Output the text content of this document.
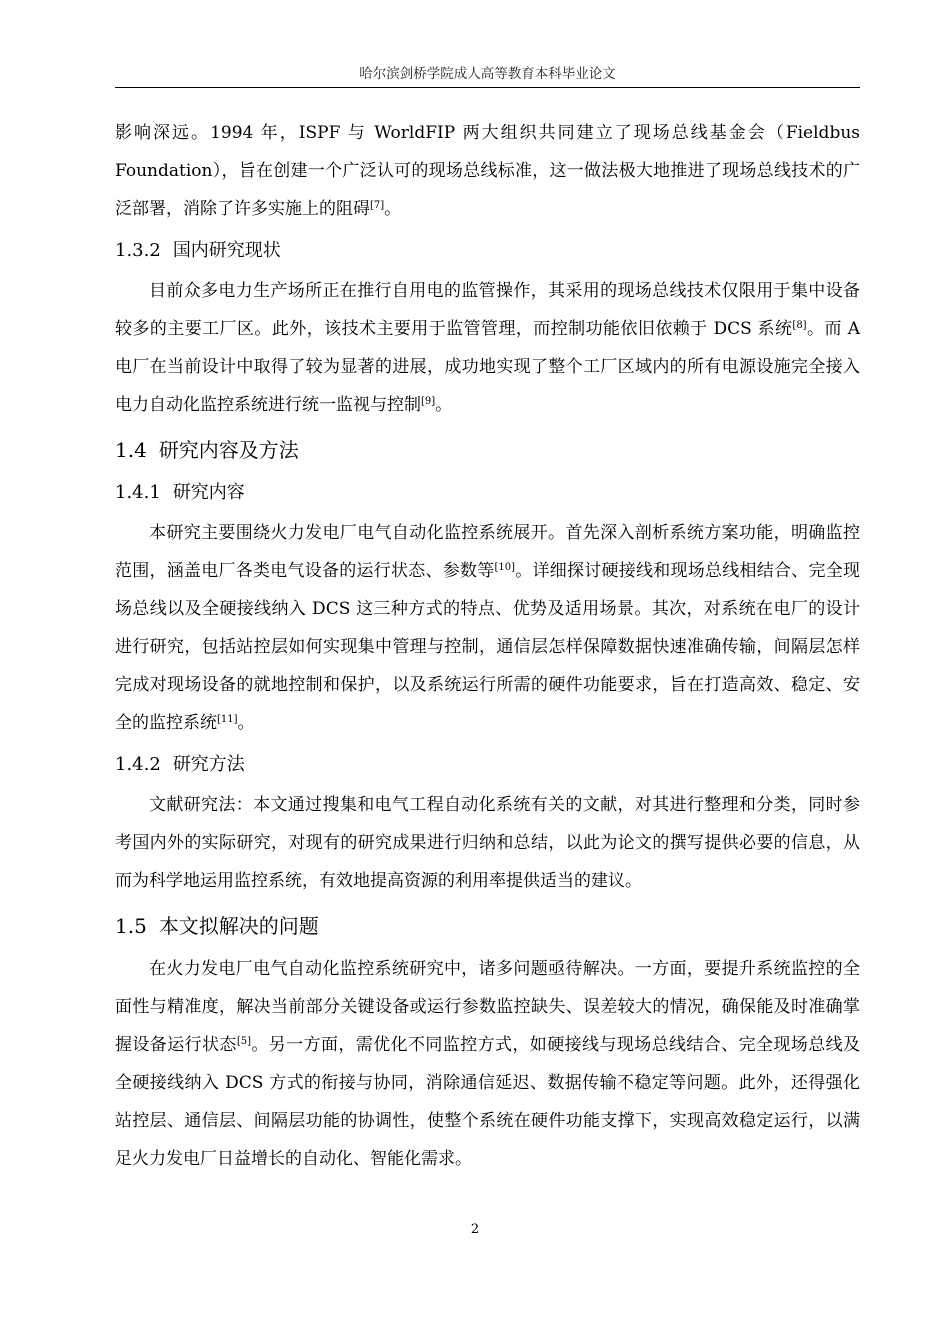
哈尔滨剑桥学院成人高等教育本科毕业论文

影响深远。1994 年，ISPF 与 WorldFIP 两大组织共同建立了现场总线基金会（Fieldbus Foundation），旨在创建一个广泛认可的现场总线标准，这一做法极大地推进了现场总线技术的广泛部署，消除了许多实施上的阻碍[7]。

1.3.2 国内研究现状

目前众多电力生产场所正在推行自用电的监管操作，其采用的现场总线技术仅限用于集中设备较多的主要工厂区。此外，该技术主要用于监管管理，而控制功能依旧依赖于 DCS 系统[8]。而 A 电厂在当前设计中取得了较为显著的进展，成功地实现了整个工厂区域内的所有电源设施完全接入电力自动化监控系统进行统一监视与控制[9]。

1.4 研究内容及方法
1.4.1 研究内容

本研究主要围绕火力发电厂电气自动化监控系统展开。首先深入剖析系统方案功能，明确监控范围，涵盖电厂各类电气设备的运行状态、参数等[10]。详细探讨硬接线和现场总线相结合、完全现场总线以及全硬接线纳入 DCS 这三种方式的特点、优势及适用场景。其次，对系统在电厂的设计进行研究，包括站控层如何实现集中管理与控制，通信层怎样保障数据快速准确传输，间隔层怎样完成对现场设备的就地控制和保护，以及系统运行所需的硬件功能要求，旨在打造高效、稳定、安全的监控系统[11]。

1.4.2 研究方法

文献研究法：本文通过搜集和电气工程自动化系统有关的文献，对其进行整理和分类，同时参考国内外的实际研究，对现有的研究成果进行归纳和总结，以此为论文的撰写提供必要的信息，从而为科学地运用监控系统，有效地提高资源的利用率提供适当的建议。

1.5 本文拟解决的问题

在火力发电厂电气自动化监控系统研究中，诸多问题亟待解决。一方面，要提升系统监控的全面性与精准度，解决当前部分关键设备或运行参数监控缺失、误差较大的情况，确保能及时准确掌握设备运行状态[5]。另一方面，需优化不同监控方式，如硬接线与现场总线结合、完全现场总线及全硬接线纳入 DCS 方式的衔接与协同，消除通信延迟、数据传输不稳定等问题。此外，还得强化站控层、通信层、间隔层功能的协调性，使整个系统在硬件功能支撑下，实现高效稳定运行，以满足火力发电厂日益增长的自动化、智能化需求。

2
